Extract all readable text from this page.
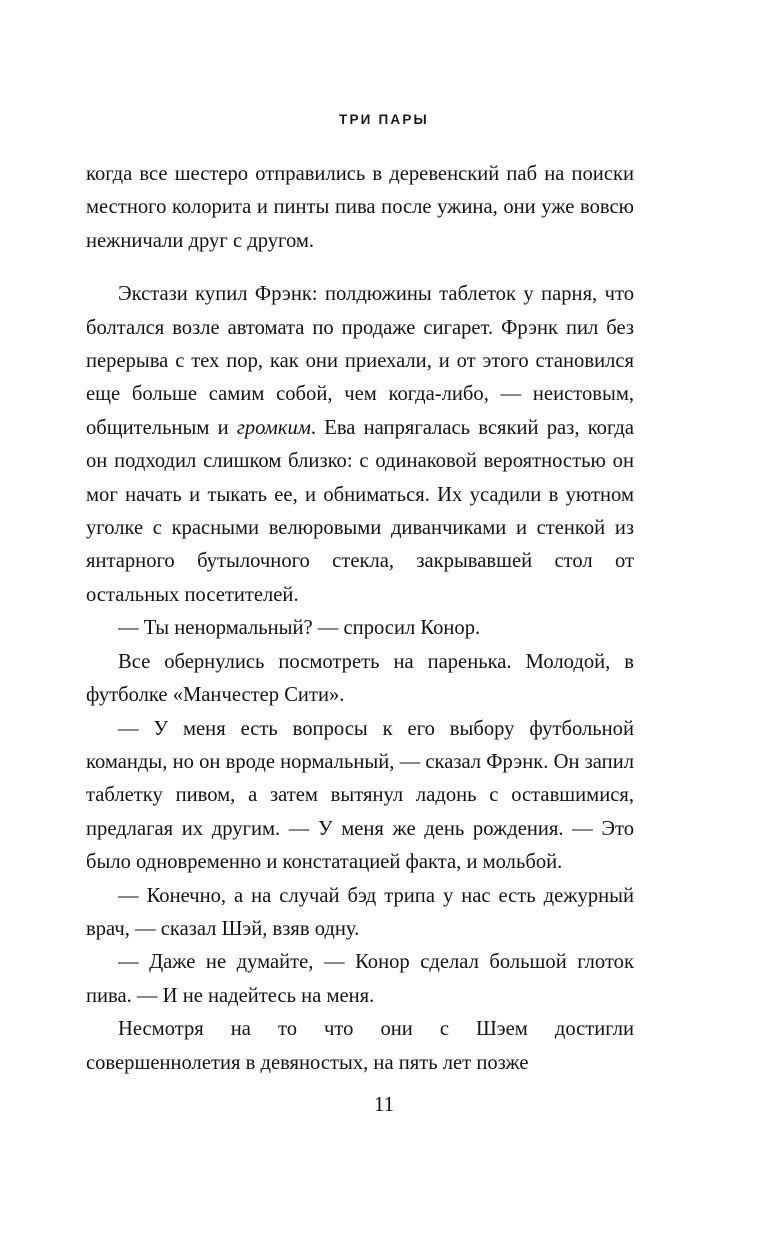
ТРИ ПАРЫ

когда все шестеро отправились в деревенский паб на поиски местного колорита и пинты пива после ужина, они уже вовсю нежничали друг с другом.

Экстази купил Фрэнк: полдюжины таблеток у парня, что болтался возле автомата по продаже сигарет. Фрэнк пил без перерыва с тех пор, как они приехали, и от этого становился еще больше самим собой, чем когда-либо, — неистовым, общительным и громким. Ева напрягалась всякий раз, когда он подходил слишком близко: с одинаковой вероятностью он мог начать и тыкать ее, и обниматься. Их усадили в уютном уголке с красными велюровыми диванчиками и стенкой из янтарного бутылочного стекла, закрывавшей стол от остальных посетителей.

— Ты ненормальный? — спросил Конор.

Все обернулись посмотреть на паренька. Молодой, в футболке «Манчестер Сити».

— У меня есть вопросы к его выбору футбольной команды, но он вроде нормальный, — сказал Фрэнк. Он запил таблетку пивом, а затем вытянул ладонь с оставшимися, предлагая их другим. — У меня же день рождения. — Это было одновременно и констатацией факта, и мольбой.

— Конечно, а на случай бэд трипа у нас есть дежурный врач, — сказал Шэй, взяв одну.

— Даже не думайте, — Конор сделал большой глоток пива. — И не надейтесь на меня.

Несмотря на то что они с Шэем достигли совершеннолетия в девяностых, на пять лет позже

11
